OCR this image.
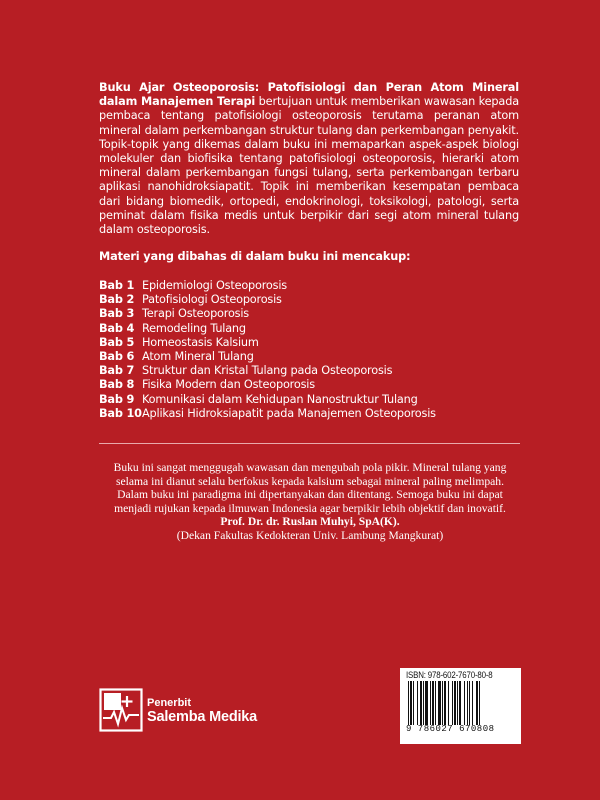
Buku Ajar Osteoporosis: Patofisiologi dan Peran Atom Mineral dalam Manajemen Terapi bertujuan untuk memberikan wawasan kepada pembaca tentang patofisiologi osteoporosis terutama peranan atom mineral dalam perkembangan struktur tulang dan perkembangan penyakit. Topik-topik yang dikemas dalam buku ini memaparkan aspek-aspek biologi molekuler dan biofisika tentang patofisiologi osteoporosis, hierarki atom mineral dalam perkembangan fungsi tulang, serta perkembangan terbaru aplikasi nanohidroksiapatit. Topik ini memberikan kesempatan pembaca dari bidang biomedik, ortopedi, endokrinologi, toksikologi, patologi, serta peminat dalam fisika medis untuk berpikir dari segi atom mineral tulang dalam osteoporosis.
Materi yang dibahas di dalam buku ini mencakup:
Bab 1 Epidemiologi Osteoporosis
Bab 2 Patofisiologi Osteoporosis
Bab 3 Terapi Osteoporosis
Bab 4 Remodeling Tulang
Bab 5 Homeostasis Kalsium
Bab 6 Atom Mineral Tulang
Bab 7 Struktur dan Kristal Tulang pada Osteoporosis
Bab 8 Fisika Modern dan Osteoporosis
Bab 9 Komunikasi dalam Kehidupan Nanostruktur Tulang
Bab 10 Aplikasi Hidroksiapatit pada Manajemen Osteoporosis
Buku ini sangat menggugah wawasan dan mengubah pola pikir. Mineral tulang yang
selama ini dianut selalu berfokus kepada kalsium sebagai mineral paling melimpah.
Dalam buku ini paradigma ini dipertanyakan dan ditentang. Semoga buku ini dapat
menjadi rujukan kepada ilmuwan Indonesia agar berpikir lebih objektif dan inovatif.
Prof. Dr. dr. Ruslan Muhyi, SpA(K).
(Dekan Fakultas Kedokteran Univ. Lambung Mangkurat)
Penerbit
Salemba Medika
ISBN: 978-602-7670-80-8
9 786027 670808
